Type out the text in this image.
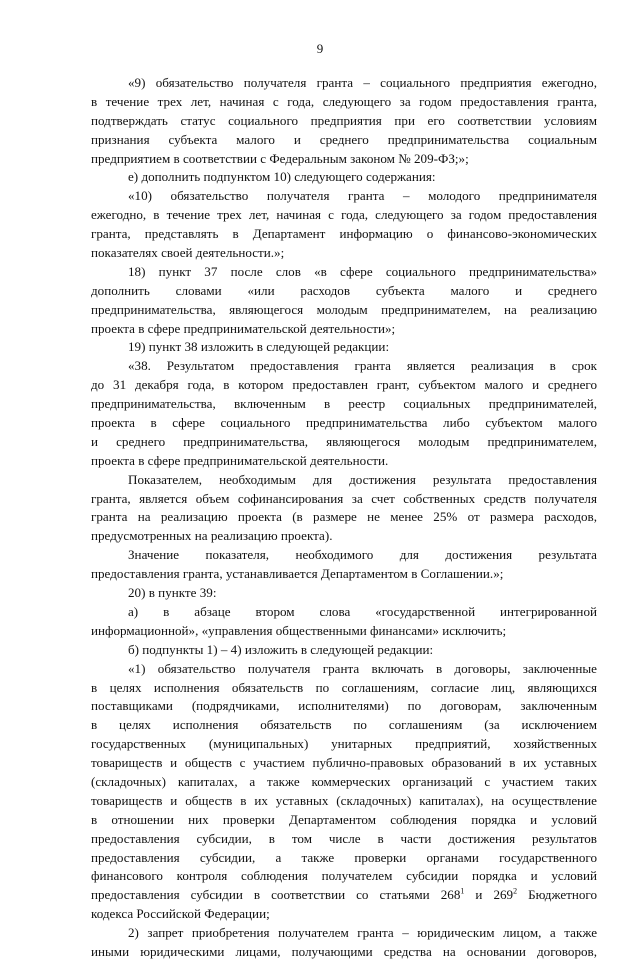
9
«9) обязательство получателя гранта – социального предприятия ежегодно,
в течение трех лет, начиная с года, следующего за годом предоставления гранта,
подтверждать статус социального предприятия при его соответствии условиям
признания субъекта малого и среднего предпринимательства социальным
предприятием в соответствии с Федеральным законом № 209-ФЗ;»;
е) дополнить подпунктом 10) следующего содержания:
«10) обязательство получателя гранта – молодого предпринимателя
ежегодно, в течение трех лет, начиная с года, следующего за годом предоставления
гранта, представлять в Департамент информацию о финансово-экономических
показателях своей деятельности.»;
18) пункт 37 после слов «в сфере социального предпринимательства»
дополнить словами «или расходов субъекта малого и среднего
предпринимательства, являющегося молодым предпринимателем, на реализацию
проекта в сфере предпринимательской деятельности»;
19) пункт 38 изложить в следующей редакции:
«38. Результатом предоставления гранта является реализация в срок
до 31 декабря года, в котором предоставлен грант, субъектом малого и среднего
предпринимательства, включенным в реестр социальных предпринимателей,
проекта в сфере социального предпринимательства либо субъектом малого
и среднего предпринимательства, являющегося молодым предпринимателем,
проекта в сфере предпринимательской деятельности.
Показателем, необходимым для достижения результата предоставления
гранта, является объем софинансирования за счет собственных средств получателя
гранта на реализацию проекта (в размере не менее 25% от размера расходов,
предусмотренных на реализацию проекта).
Значение показателя, необходимого для достижения результата
предоставления гранта, устанавливается Департаментом в Соглашении.»;
20) в пункте 39:
а) в абзаце втором слова «государственной интегрированной
информационной», «управления общественными финансами» исключить;
б) подпункты 1) – 4) изложить в следующей редакции:
«1) обязательство получателя гранта включать в договоры, заключенные
в целях исполнения обязательств по соглашениям, согласие лиц, являющихся
поставщиками (подрядчиками, исполнителями) по договорам, заключенным
в целях исполнения обязательств по соглашениям (за исключением
государственных (муниципальных) унитарных предприятий, хозяйственных
товариществ и обществ с участием публично-правовых образований в их уставных
(складочных) капиталах, а также коммерческих организаций с участием таких
товариществ и обществ в их уставных (складочных) капиталах), на осуществление
в отношении них проверки Департаментом соблюдения порядка и условий
предоставления субсидии, в том числе в части достижения результатов
предоставления субсидии, а также проверки органами государственного
финансового контроля соблюдения получателем субсидии порядка и условий
предоставления субсидии в соответствии со статьями $268^1$ и $269^2$ Бюджетного
кодекса Российской Федерации;
2) запрет приобретения получателем гранта – юридическим лицом, а также
иными юридическими лицами, получающими средства на основании договоров,
